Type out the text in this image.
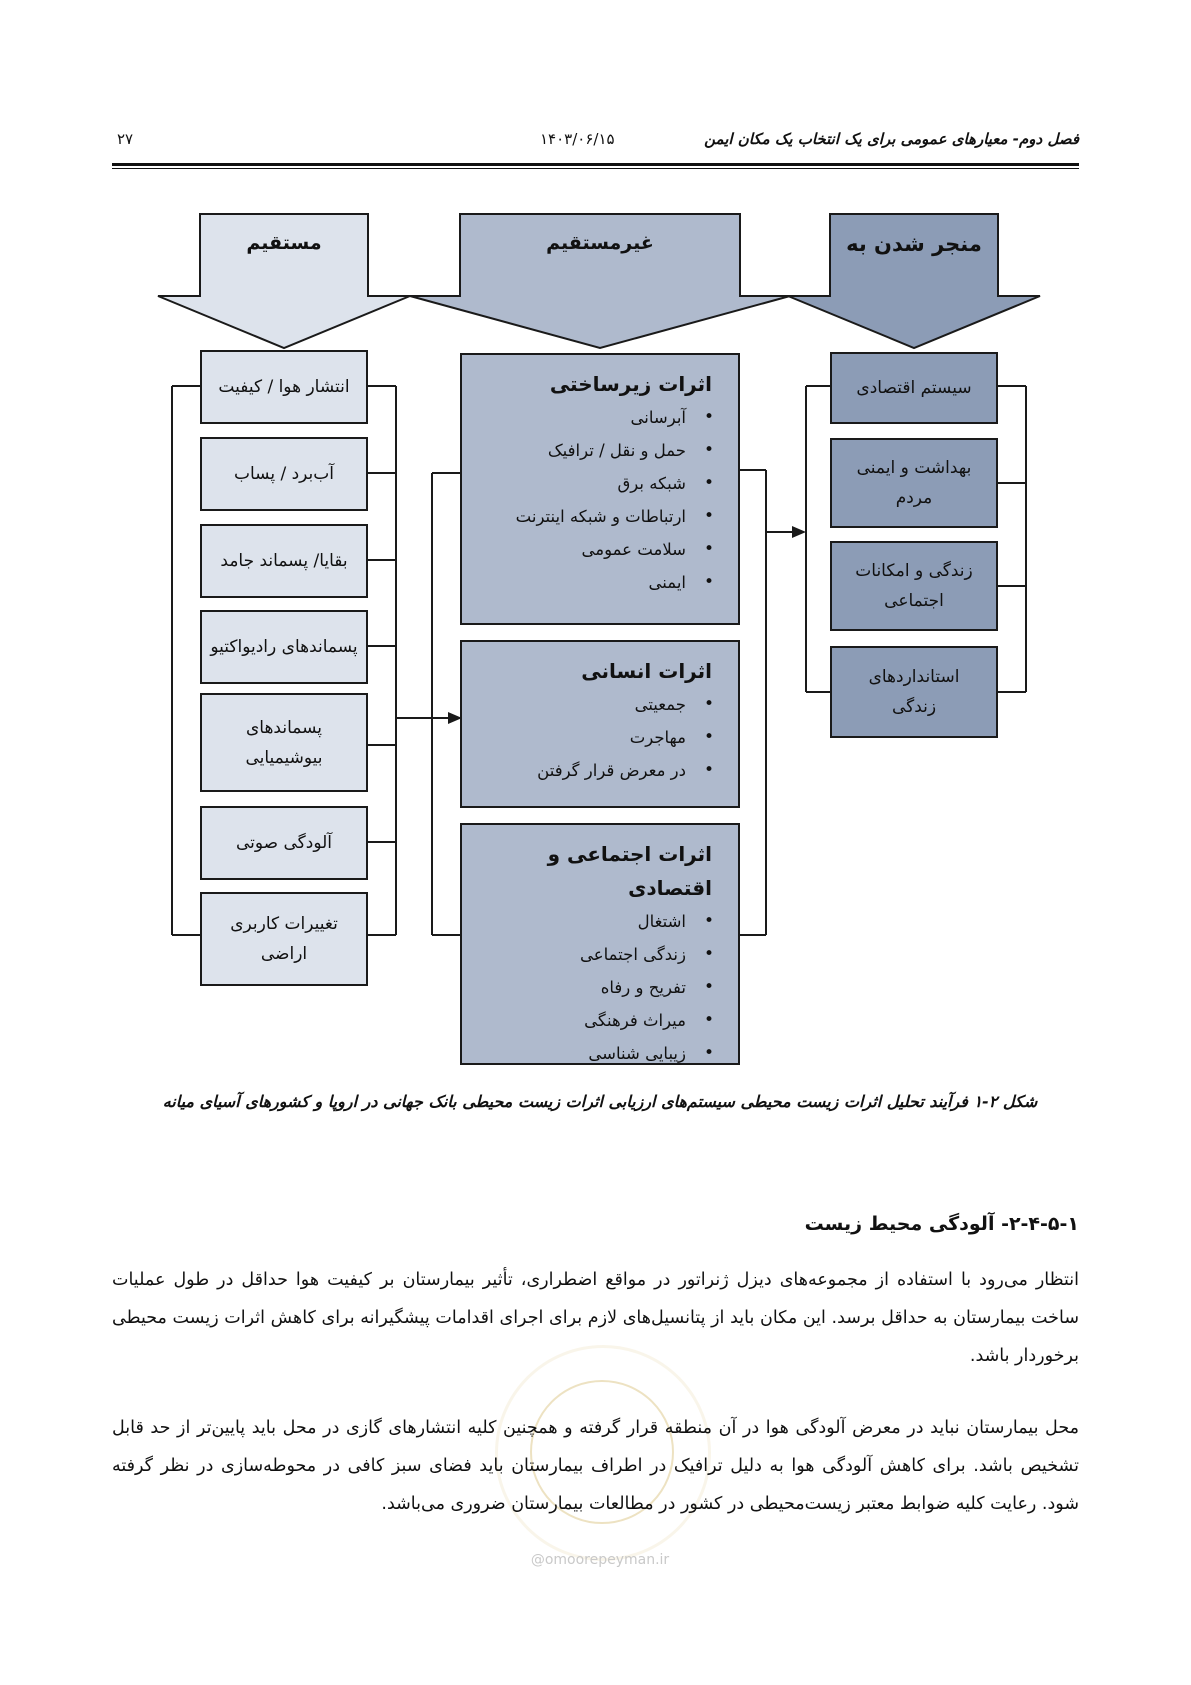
فصل دوم- معیارهای عمومی برای یک انتخاب یک مکان ایمن
۱۴۰۳/۰۶/۱۵
۲۷
مستقیم	غیرمستقیم	منجر شدن به
انتشار هوا / کیفیت
آب‌برد / پساب
بقایا/ پسماند جامد
پسماندهای رادیواکتیو
پسماندهای
بیوشیمیایی
آلودگی صوتی
تغییرات کاربری
اراضی
اثرات زیرساختی
• آبرسانی
• حمل و نقل / ترافیک
• شبکه برق
• ارتباطات و شبکه اینترنت
• سلامت عمومی
• ایمنی
اثرات انسانی
• جمعیتی
• مهاجرت
• در معرض قرار گرفتن
اثرات اجتماعی و اقتصادی
• اشتغال
• زندگی اجتماعی
• تفریح و رفاه
• میراث فرهنگی
• زیبایی شناسی
سیستم اقتصادی
بهداشت و ایمنی
مردم
زندگی و امکانات
اجتماعی
استانداردهای
زندگی
شکل ۲-۱ فرآیند تحلیل اثرات زیست محیطی سیستم‌های ارزیابی اثرات زیست محیطی بانک جهانی در اروپا و کشورهای آسیای میانه
@omoorepeyman.ir
۲-۴-۵-۱- آلودگی محیط زیست
انتظار می‌رود با استفاده از مجموعه‌های دیزل ژنراتور در مواقع اضطراری، تأثیر بیمارستان بر کیفیت هوا حداقل در طول عملیات ساخت بیمارستان به حداقل برسد. این مکان باید از پتانسیل‌های لازم برای اجرای اقدامات پیشگیرانه برای کاهش اثرات زیست محیطی برخوردار باشد.
محل بیمارستان نباید در معرض آلودگی هوا در آن منطقه قرار گرفته و همچنین کلیه انتشارهای گازی در محل باید پایین‌تر از حد قابل تشخیص باشد. برای کاهش آلودگی هوا به دلیل ترافیک در اطراف بیمارستان باید فضای سبز کافی در محوطه‌سازی در نظر گرفته شود. رعایت کلیه ضوابط معتبر زیست‌محیطی در کشور در مطالعات بیمارستان ضروری می‌باشد.
